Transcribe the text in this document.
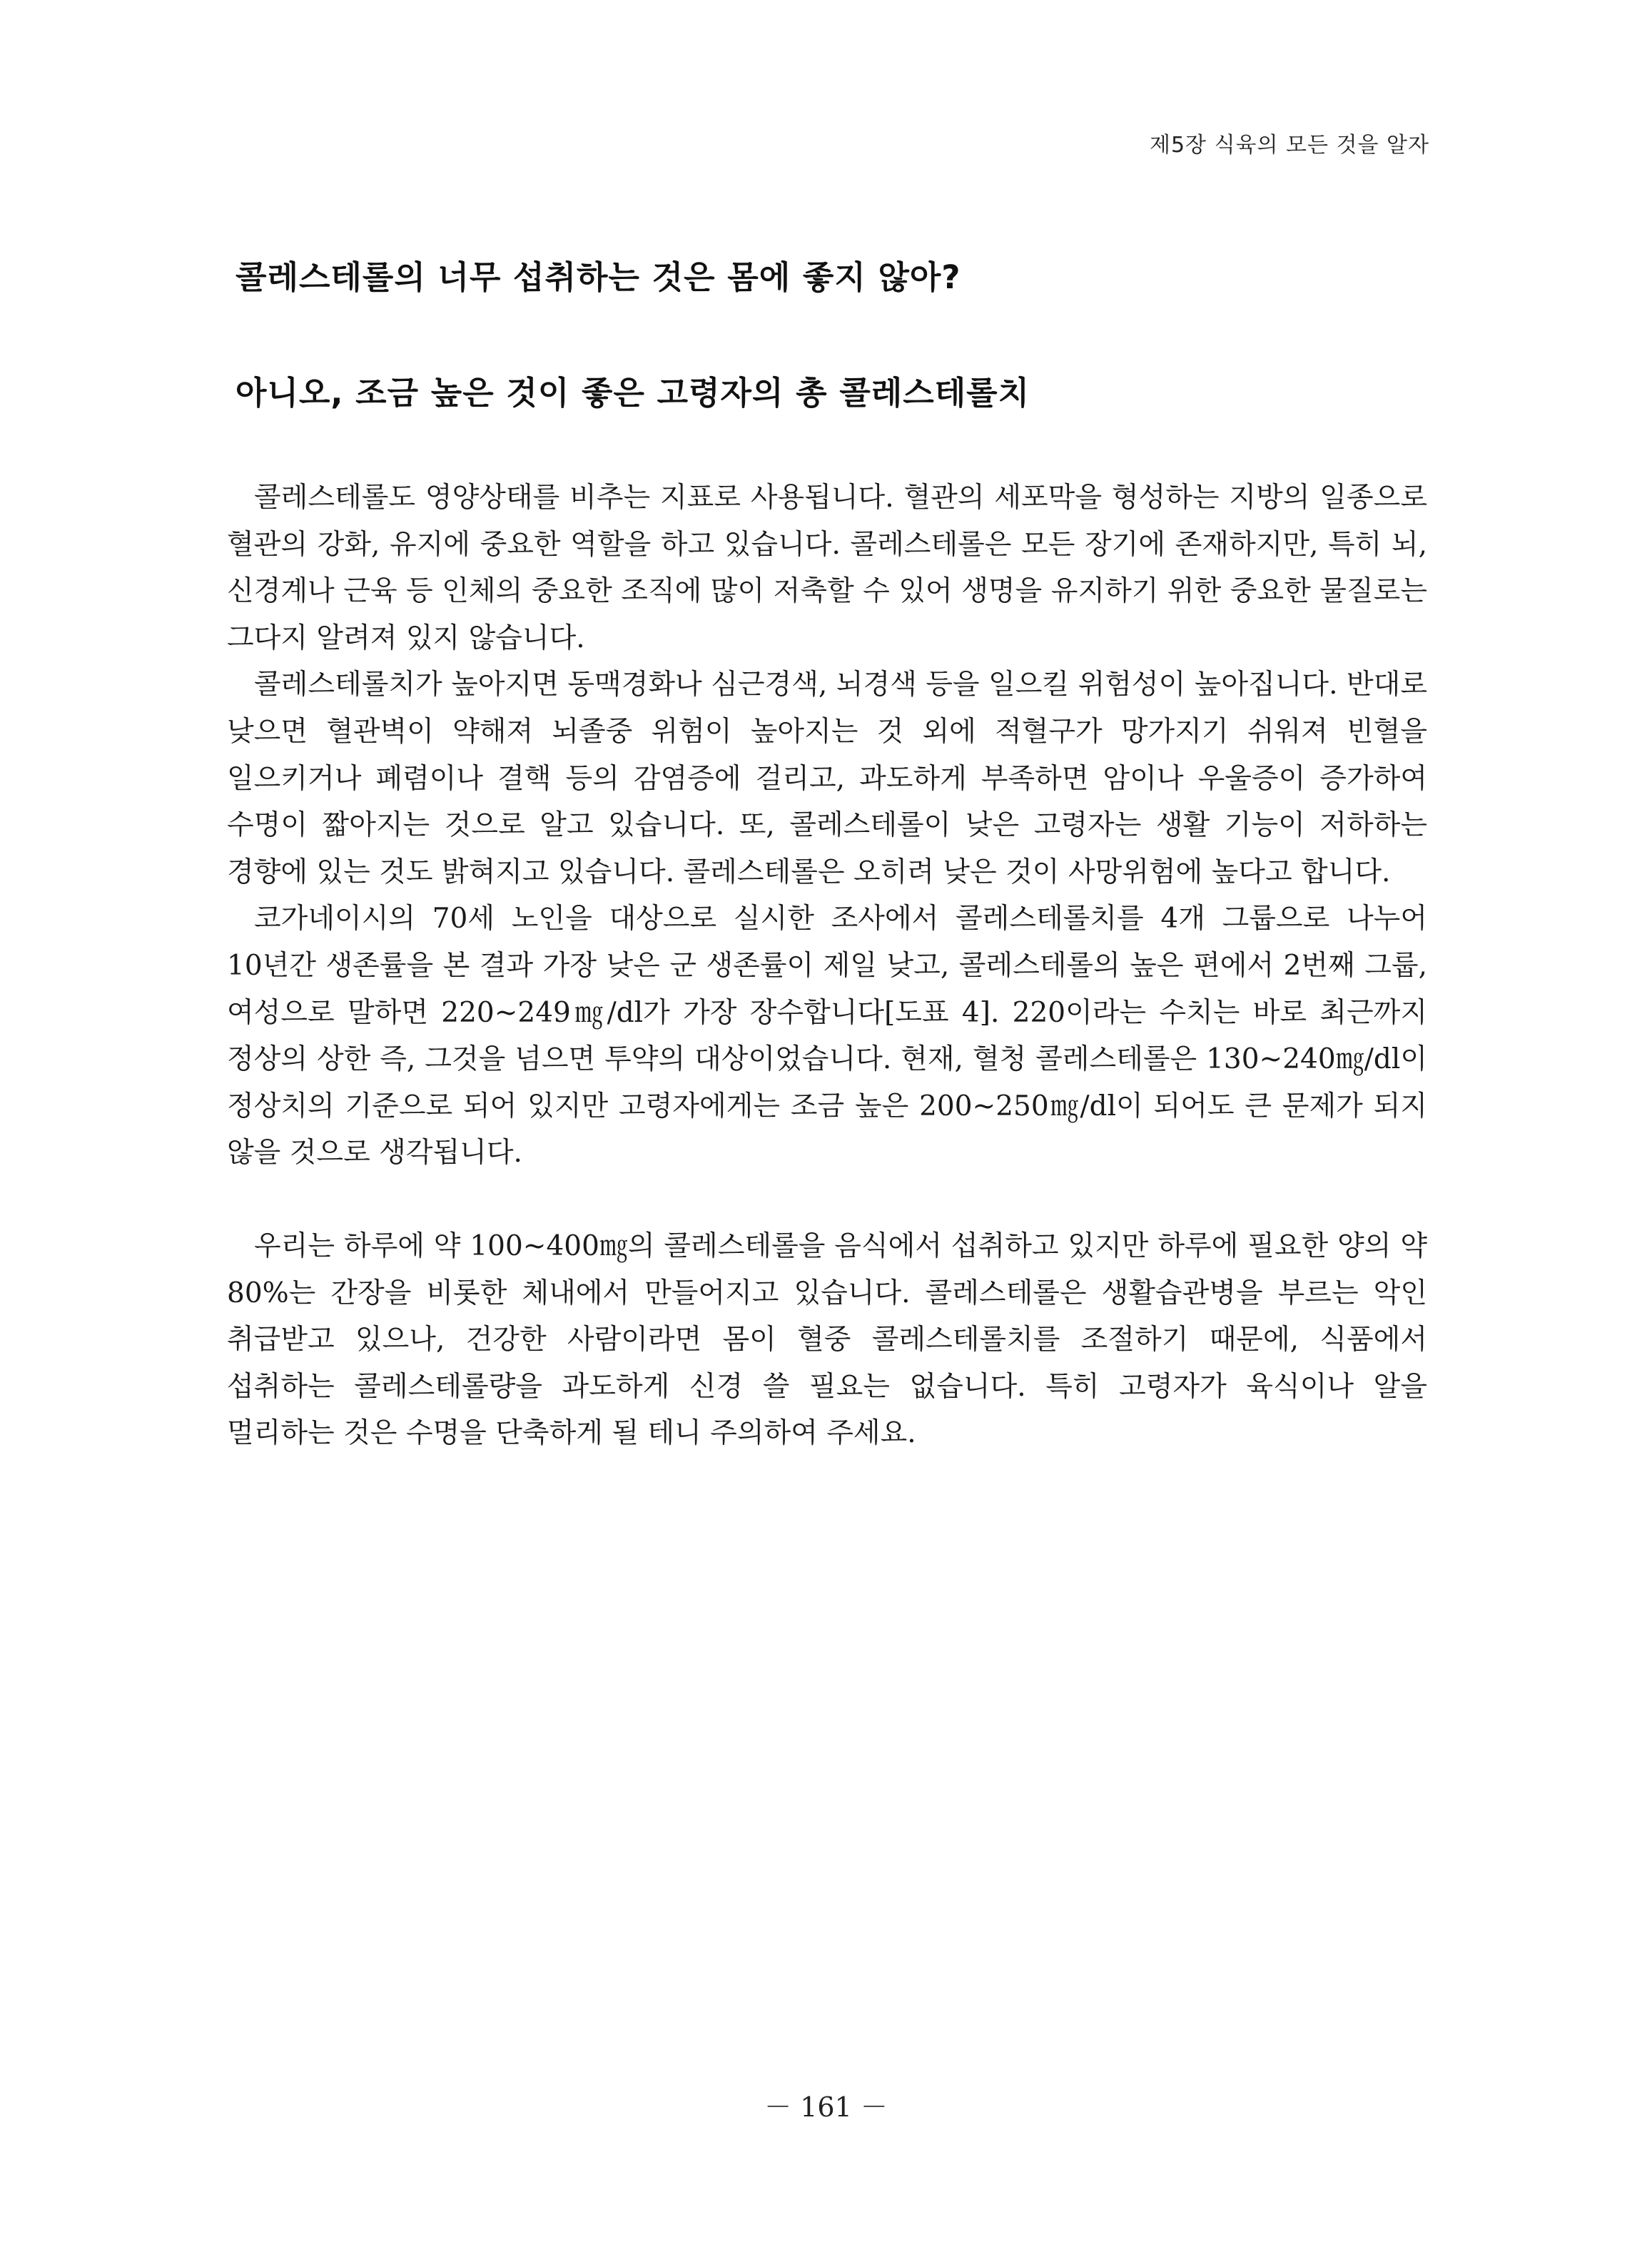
제5장 식육의 모든 것을 알자
콜레스테롤의 너무 섭취하는 것은 몸에 좋지 않아?
아니오, 조금 높은 것이 좋은 고령자의 총 콜레스테롤치

콜레스테롤도 영양상태를 비추는 지표로 사용됩니다. 혈관의 세포막을 형성하는 지방의 일종으로 혈관의 강화, 유지에 중요한 역할을 하고 있습니다. 콜레스테롤은 모든 장기에 존재하지만, 특히 뇌, 신경계나 근육 등 인체의 중요한 조직에 많이 저축할 수 있어 생명을 유지하기 위한 중요한 물질로는 그다지 알려져 있지 않습니다.

콜레스테롤치가 높아지면 동맥경화나 심근경색, 뇌경색 등을 일으킬 위험성이 높아집니다. 반대로 낮으면 혈관벽이 약해져 뇌졸중 위험이 높아지는 것 외에 적혈구가 망가지기 쉬워져 빈혈을 일으키거나 폐렴이나 결핵 등의 감염증에 걸리고, 과도하게 부족하면 암이나 우울증이 증가하여 수명이 짧아지는 것으로 알고 있습니다. 또, 콜레스테롤이 낮은 고령자는 생활 기능이 저하하는 경향에 있는 것도 밝혀지고 있습니다. 콜레스테롤은 오히려 낮은 것이 사망위험에 높다고 합니다.

코가네이시의 70세 노인을 대상으로 실시한 조사에서 콜레스테롤치를 4개 그룹으로 나누어 10년간 생존률을 본 결과 가장 낮은 군 생존률이 제일 낮고, 콜레스테롤의 높은 편에서 2번째 그룹, 여성으로 말하면 220~249㎎/dl가 가장 장수합니다[도표 4]. 220이라는 수치는 바로 최근까지 정상의 상한 즉, 그것을 넘으면 투약의 대상이었습니다. 현재, 혈청 콜레스테롤은 130~240㎎/dl이 정상치의 기준으로 되어 있지만 고령자에게는 조금 높은 200~250㎎/dl이 되어도 큰 문제가 되지 않을 것으로 생각됩니다.

우리는 하루에 약 100~400㎎의 콜레스테롤을 음식에서 섭취하고 있지만 하루에 필요한 양의 약 80%는 간장을 비롯한 체내에서 만들어지고 있습니다. 콜레스테롤은 생활습관병을 부르는 악인 취급받고 있으나, 건강한 사람이라면 몸이 혈중 콜레스테롤치를 조절하기 때문에, 식품에서 섭취하는 콜레스테롤량을 과도하게 신경 쓸 필요는 없습니다. 특히 고령자가 육식이나 알을 멀리하는 것은 수명을 단축하게 될 테니 주의하여 주세요.

－ 161 －
